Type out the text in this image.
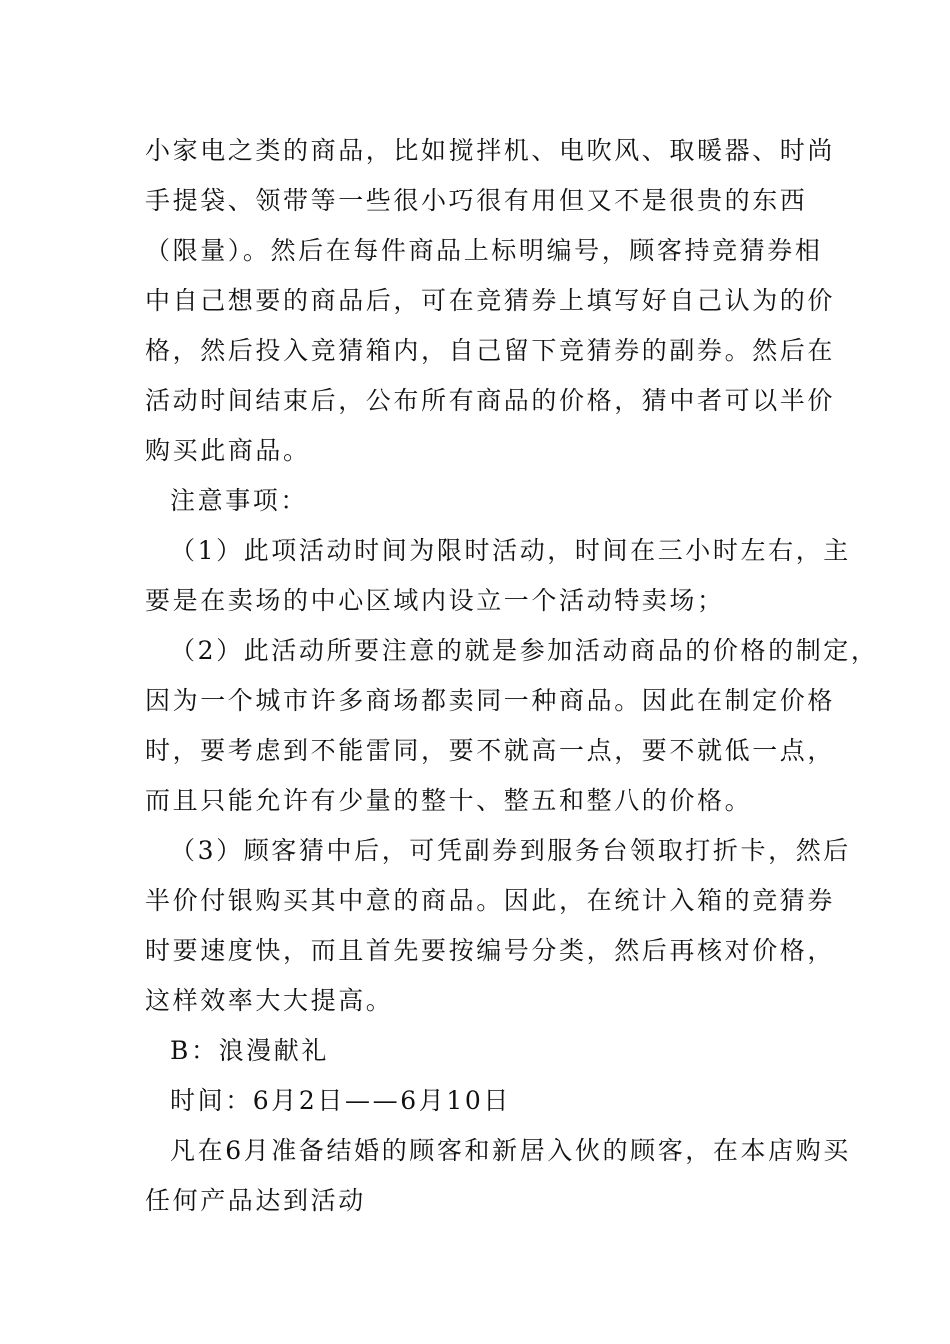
小家电之类的商品，比如搅拌机、电吹风、取暖器、时尚
手提袋、领带等一些很小巧很有用但又不是很贵的东西
（限量）。然后在每件商品上标明编号，顾客持竞猜券相
中自己想要的商品后，可在竞猜券上填写好自己认为的价
格，然后投入竞猜箱内，自己留下竞猜券的副券。然后在
活动时间结束后，公布所有商品的价格，猜中者可以半价
购买此商品。
注意事项：
（1）此项活动时间为限时活动，时间在三小时左右，主
要是在卖场的中心区域内设立一个活动特卖场；
（2）此活动所要注意的就是参加活动商品的价格的制定，
因为一个城市许多商场都卖同一种商品。因此在制定价格
时，要考虑到不能雷同，要不就高一点，要不就低一点，
而且只能允许有少量的整十、整五和整八的价格。
（3）顾客猜中后，可凭副券到服务台领取打折卡，然后
半价付银购买其中意的商品。因此，在统计入箱的竞猜券
时要速度快，而且首先要按编号分类，然后再核对价格，
这样效率大大提高。
B：浪漫献礼
时间：6月2日——6月10日
凡在6月准备结婚的顾客和新居入伙的顾客，在本店购买
任何产品达到活动
